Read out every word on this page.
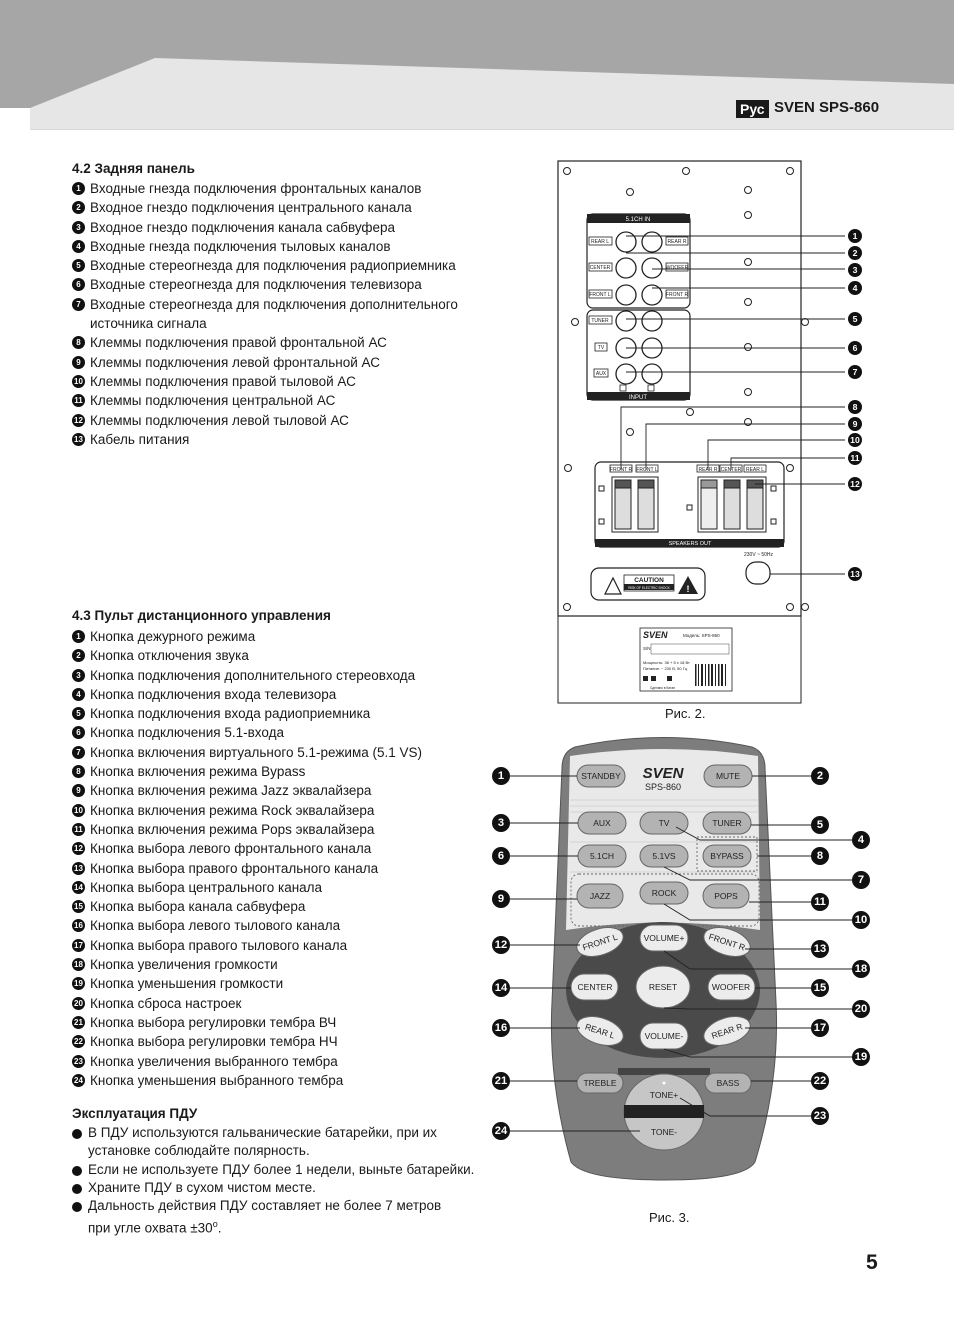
Рус SVEN SPS-860
4.2 Задняя панель
1 Входные гнезда подключения фронтальных каналов
2 Входное гнездо подключения центрального канала
3 Входное гнездо подключения канала сабвуфера
4 Входные гнезда подключения тыловых каналов
5 Входные стереогнезда для подключения радиоприемника
6 Входные стереогнезда для подключения телевизора
7 Входные стереогнезда для подключения дополнительного
источника сигнала
8 Клеммы подключения правой фронтальной АС
9 Клеммы подключения левой фронтальной АС
10 Клеммы подключения правой тыловой АС
11 Клеммы подключения центральной АС
12 Клеммы подключения левой тыловой АС
13 Кабель питания
4.3 Пульт дистанционного управления
1 Кнопка дежурного режима
2 Кнопка отключения звука
3 Кнопка подключения дополнительного стереовхода
4 Кнопка подключения входа телевизора
5 Кнопка подключения входа радиоприемника
6 Кнопка подключения 5.1-входа
7 Кнопка включения виртуального 5.1-режима (5.1 VS)
8 Кнопка включения режима Bypass
9 Кнопка включения режима Jazz эквалайзера
10 Кнопка включения режима Rock эквалайзера
11 Кнопка включения режима Pops эквалайзера
12 Кнопка выбора левого фронтального канала
13 Кнопка выбора правого фронтального канала
14 Кнопка выбора центрального канала
15 Кнопка выбора канала сабвуфера
16 Кнопка выбора левого тылового канала
17 Кнопка выбора правого тылового канала
18 Кнопка увеличения громкости
19 Кнопка уменьшения громкости
20 Кнопка сброса настроек
21 Кнопка выбора регулировки тембра ВЧ
22 Кнопка выбора регулировки тембра НЧ
23 Кнопка увеличения выбранного тембра
24 Кнопка уменьшения выбранного тембра
Эксплуатация ПДУ
В ПДУ используются гальванические батарейки, при их установке соблюдайте полярность.
Если не используете ПДУ более 1 недели, выньте батарейки.
Храните ПДУ в сухом чистом месте.
Дальность действия ПДУ составляет не более 7 метров при угле охвата $\pm 30^o$.
5.1CH IN
INPUT
REAR L	REAR R
CENTER	WOOFER
FRONT L	FRONT R
TUNER
TV
AUX
SPEAKERS OUT
FRONT R FRONT L	REAR R CENTER REAR L
230V ~ 50Hz
!
CAUTION
RISK OF ELECTRIC SHOCK
SVEN	Модель: SPS-860
S/N
Мощность: 36 + 5 x 18 Вт
Питание: ~ 230 В, 50 Гц
Сделано в Китае
1
2
3
4
5
6
7
8
9
10
11
12
13
Рис. 2.
SVEN
SPS-860
STANDBY	MUTE
AUX	TV	TUNER
5.1CH	5.1VS	BYPASS
JAZZ	ROCK	POPS
FRONT L	VOLUME+	FRONT R
CENTER	RESET	WOOFER
REAR L	VOLUME-	REAR R
TREBLE	BASS
TONE+
TONE-
1	2
3
4
5
6
7
8
9
10
11
12	13
14	15
16	17
18
19
20
21	22
23
24
Рис. 3.
5
